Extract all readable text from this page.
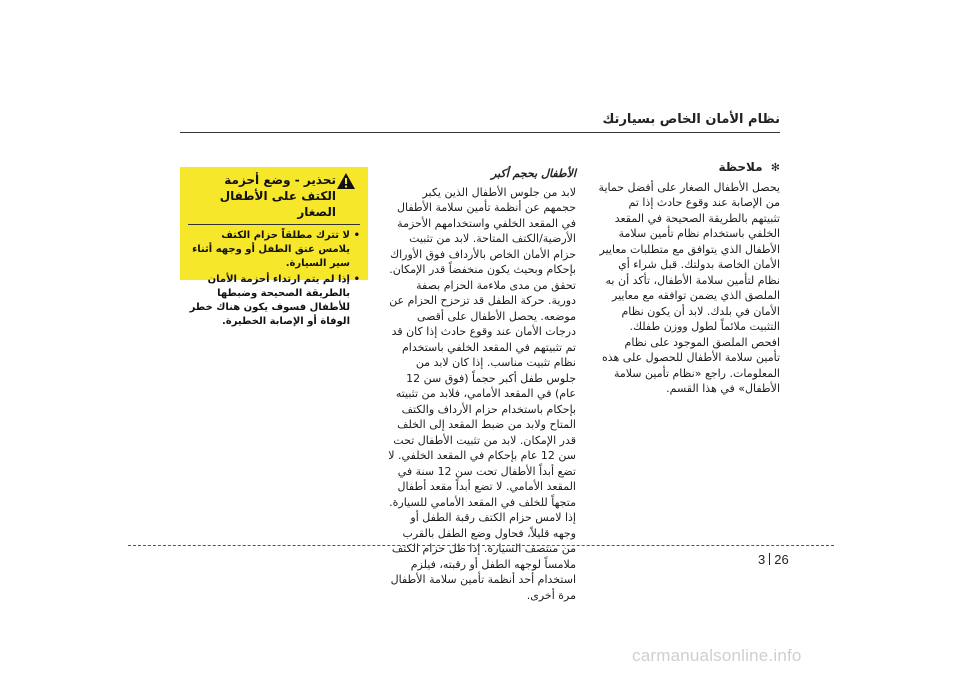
نظام الأمان الخاص بسيارتك
✻ ملاحظة

يحصل الأطفال الصغار على أفضل حماية من الإصابة عند وقوع حادث إذا تم تثبيتهم بالطريقة الصحيحة في المقعد الخلفي باستخدام نظام تأمين سلامة الأطفال الذي يتوافق مع متطلبات معايير الأمان الخاصة بدولتك. قبل شراء أي نظام لتأمين سلامة الأطفال، تأكد أن به الملصق الذي يضمن توافقه مع معايير الأمان في بلدك. لابد أن يكون نظام التثبيت ملائماً لطول ووزن طفلك. افحص الملصق الموجود على نظام تأمين سلامة الأطفال للحصول على هذه المعلومات. راجع «نظام تأمين سلامة الأطفال» في هذا القسم.

الأطفال بحجم أكبر

لابد من جلوس الأطفال الذين يكبر حجمهم عن أنظمة تأمين سلامة الأطفال في المقعد الخلفي واستخدامهم الأحزمة الأرضية/الكتف المتاحة. لابد من تثبيت حزام الأمان الخاص بالأرداف فوق الأوراك بإحكام وبحيث يكون منخفضاً قدر الإمكان. تحقق من مدى ملاءمة الحزام بصفة دورية. حركة الطفل قد تزحزح الحزام عن موضعه. يحصل الأطفال على أقصى درجات الأمان عند وقوع حادث إذا كان قد تم تثبيتهم في المقعد الخلفي باستخدام نظام تثبيت مناسب. إذا كان لابد من جلوس طفل أكبر حجماً (فوق سن 12 عام) في المقعد الأمامي، فلابد من تثبيته بإحكام باستخدام حزام الأرداف والكتف المتاح ولابد من ضبط المقعد إلى الخلف قدر الإمكان. لابد من تثبيت الأطفال تحت سن 12 عام بإحكام في المقعد الخلفي. لا تضع أبداً الأطفال تحت سن 12 سنة في المقعد الأمامي. لا تضع أبداً مقعد أطفال متجهاً للخلف في المقعد الأمامي للسيارة. إذا لامس حزام الكتف رقبة الطفل أو وجهه قليلاً، فحاول وضع الطفل بالقرب من منتصف السيارة. إذا ظل حزام الكتف ملامساً لوجهه الطفل أو رقبته، فيلزم استخدام أحد أنظمة تأمين سلامة الأطفال مرة أخرى.

تحذير - وضع أحزمة الكتف على الأطفال الصغار
• لا تترك مطلقاً حزام الكتف يلامس عنق الطفل أو وجهه أثناء سير السيارة.
• إذا لم يتم ارتداء أحزمة الأمان بالطريقة الصحيحة وضبطها للأطفال فسوف يكون هناك خطر الوفاة أو الإصابة الخطيرة.
3 26
carmanualsonline.info
